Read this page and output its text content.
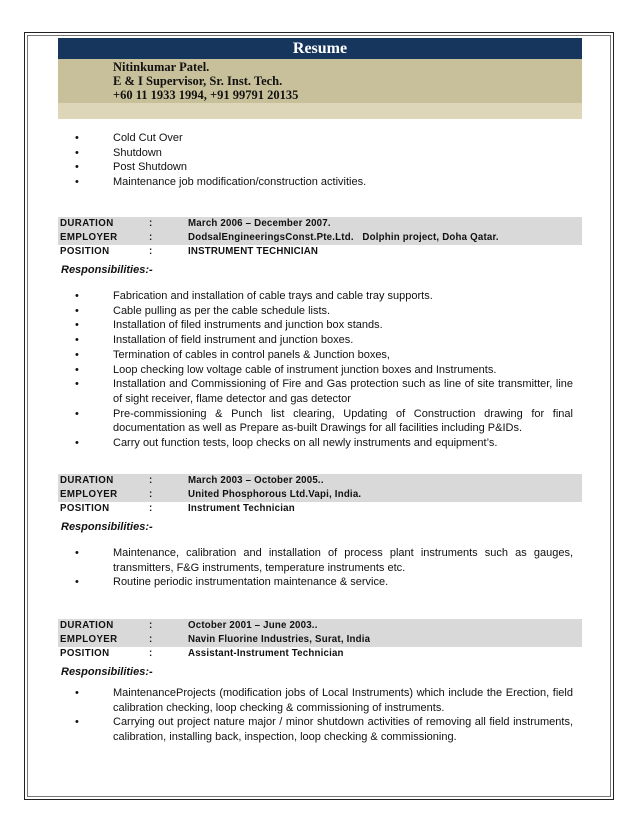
Resume
Nitinkumar Patel.
E & I Supervisor, Sr. Inst. Tech.
+60 11 1933 1994, +91 99791 20135
•	Cold Cut Over
•	Shutdown
•	Post Shutdown
•	Maintenance job modification/construction activities.
DURATION	:	March 2006 – December 2007.
EMPLOYER	:	DodsalEngineeringsConst.Pte.Ltd.   Dolphin project, Doha Qatar.
POSITION	:	INSTRUMENT TECHNICIAN
Responsibilities:-
•	Fabrication and installation of cable trays and cable tray supports.
•	Cable pulling as per the cable schedule lists.
•	Installation of filed instruments and junction box stands.
•	Installation of field instrument and junction boxes.
•	Termination of cables in control panels & Junction boxes,
•	Loop checking low voltage cable of instrument junction boxes and Instruments.
•	Installation and Commissioning of Fire and Gas protection such as line of site transmitter, line of sight receiver, flame detector and gas detector
•	Pre-commissioning & Punch list clearing, Updating of Construction drawing for final documentation as well as Prepare as-built Drawings for all facilities including P&IDs.
•	Carry out function tests, loop checks on all newly instruments and equipment’s.
DURATION	:	March 2003 – October 2005..
EMPLOYER	:	United Phosphorous Ltd.Vapi, India.
POSITION	:	Instrument Technician
Responsibilities:-
•	Maintenance, calibration and installation of process plant instruments such as gauges, transmitters, F&G instruments, temperature instruments etc.
•	Routine periodic instrumentation maintenance & service.
DURATION	:	October 2001 – June 2003..
EMPLOYER	:	Navin Fluorine Industries, Surat, India
POSITION	:	Assistant-Instrument Technician
Responsibilities:-
•	MaintenanceProjects (modification jobs of Local Instruments) which include the Erection, field calibration checking, loop checking & commissioning of instruments.
•	Carrying out project nature major / minor shutdown activities of removing all field instruments, calibration, installing back, inspection, loop checking & commissioning.
